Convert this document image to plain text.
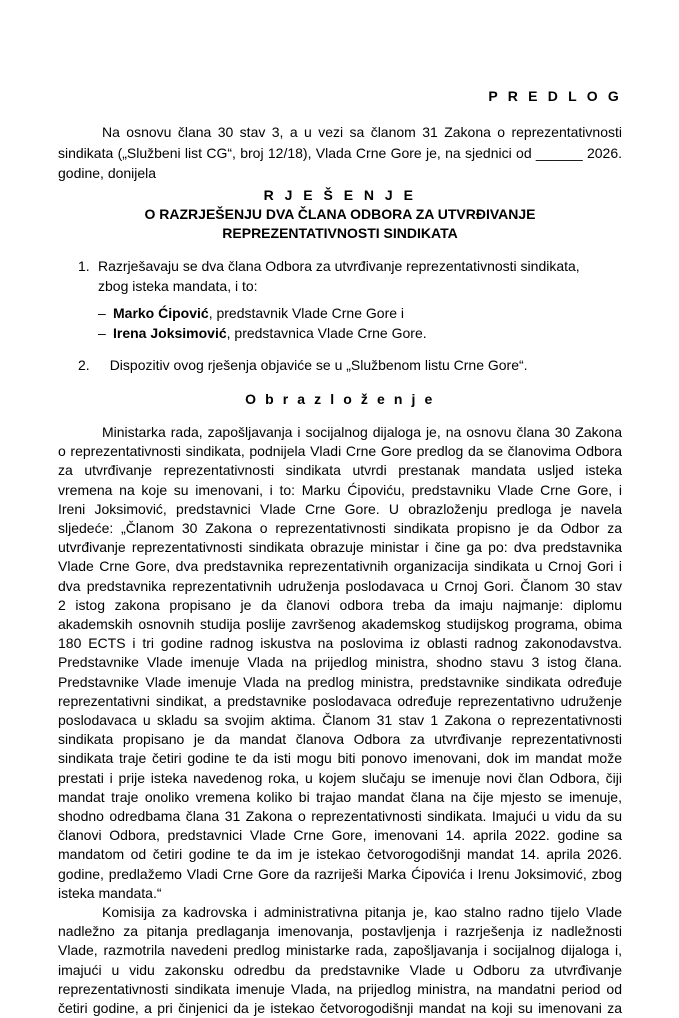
P R E D L O G
Na osnovu člana 30 stav 3, a u vezi sa članom 31 Zakona o reprezentativnosti
sindikata („Službeni list CG“, broj 12/18), Vlada Crne Gore je, na sjednici od ______ 2026.
godine, donijela
R J E Š E N J E
O RAZRJEŠENJU DVA ČLANA ODBORA ZA UTVRĐIVANJE
REPREZENTATIVNOSTI SINDIKATA
1. Razrješavaju se dva člana Odbora za utvrđivanje reprezentativnosti sindikata,
zbog isteka mandata, i to:
– Marko Ćipović, predstavnik Vlade Crne Gore i
– Irena Joksimović, predstavnica Vlade Crne Gore.
2. Dispozitiv ovog rješenja objaviće se u „Službenom listu Crne Gore“.
O b r a z l o ž e n j e
Ministarka rada, zapošljavanja i socijalnog dijaloga je, na osnovu člana 30 Zakona
o reprezentativnosti sindikata, podnijela Vladi Crne Gore predlog da se članovima Odbora
za utvrđivanje reprezentativnosti sindikata utvrdi prestanak mandata usljed isteka
vremena na koje su imenovani, i to: Marku Ćipoviću, predstavniku Vlade Crne Gore, i
Ireni Joksimović, predstavnici Vlade Crne Gore. U obrazloženju predloga je navela
sljedeće: „Članom 30 Zakona o reprezentativnosti sindikata propisno je da Odbor za
utvrđivanje reprezentativnosti sindikata obrazuje ministar i čine ga po: dva predstavnika
Vlade Crne Gore, dva predstavnika reprezentativnih organizacija sindikata u Crnoj Gori i
dva predstavnika reprezentativnih udruženja poslodavaca u Crnoj Gori. Članom 30 stav
2 istog zakona propisano je da članovi odbora treba da imaju najmanje: diplomu
akademskih osnovnih studija poslije završenog akademskog studijskog programa, obima
180 ECTS i tri godine radnog iskustva na poslovima iz oblasti radnog zakonodavstva.
Predstavnike Vlade imenuje Vlada na prijedlog ministra, shodno stavu 3 istog člana.
Predstavnike Vlade imenuje Vlada na predlog ministra, predstavnike sindikata određuje
reprezentativni sindikat, a predstavnike poslodavaca određuje reprezentativno udruženje
poslodavaca u skladu sa svojim aktima. Članom 31 stav 1 Zakona o reprezentativnosti
sindikata propisano je da mandat članova Odbora za utvrđivanje reprezentativnosti
sindikata traje četiri godine te da isti mogu biti ponovo imenovani, dok im mandat može
prestati i prije isteka navedenog roka, u kojem slučaju se imenuje novi član Odbora, čiji
mandat traje onoliko vremena koliko bi trajao mandat člana na čije mjesto se imenuje,
shodno odredbama člana 31 Zakona o reprezentativnosti sindikata. Imajući u vidu da su
članovi Odbora, predstavnici Vlade Crne Gore, imenovani 14. aprila 2022. godine sa
mandatom od četiri godine te da im je istekao četvorogodišnji mandat 14. aprila 2026.
godine, predlažemo Vladi Crne Gore da razriješi Marka Ćipovića i Irenu Joksimović, zbog
isteka mandata.“
Komisija za kadrovska i administrativna pitanja je, kao stalno radno tijelo Vlade
nadležno za pitanja predlaganja imenovanja, postavljenja i razrješenja iz nadležnosti
Vlade, razmotrila navedeni predlog ministarke rada, zapošljavanja i socijalnog dijaloga i,
imajući u vidu zakonsku odredbu da predstavnike Vlade u Odboru za utvrđivanje
reprezentativnosti sindikata imenuje Vlada, na prijedlog ministra, na mandatni period od
četiri godine, a pri činjenici da je istekao četvorogodišnji mandat na koji su imenovani za
